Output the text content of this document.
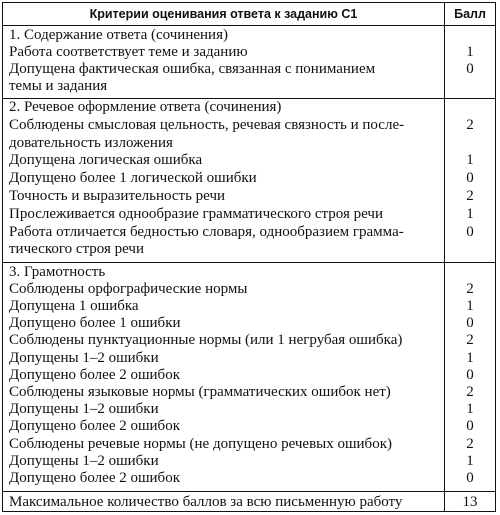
Критерии оценивания ответа к заданию С1	Балл
1. Содержание ответа (сочинения)
Работа соответствует теме и заданию	1
Допущена фактическая ошибка, связанная с пониманием	0
темы и задания
2. Речевое оформление ответа (сочинения)
Соблюдены смысловая цельность, речевая связность и после-	2
довательность изложения
Допущена логическая ошибка	1
Допущено более 1 логической ошибки	0
Точность и выразительность речи	2
Прослеживается однообразие грамматического строя речи	1
Работа отличается бедностью словаря, однообразием грамма-	0
тического строя речи
3. Грамотность
Соблюдены орфографические нормы	2
Допущена 1 ошибка	1
Допущено более 1 ошибки	0
Соблюдены пунктуационные нормы (или 1 негрубая ошибка)	2
Допущены 1–2 ошибки	1
Допущено более 2 ошибок	0
Соблюдены языковые нормы (грамматических ошибок нет)	2
Допущены 1–2 ошибки	1
Допущено более 2 ошибок	0
Соблюдены речевые нормы (не допущено речевых ошибок)	2
Допущены 1–2 ошибки	1
Допущено более 2 ошибок	0
Максимальное количество баллов за всю письменную работу	13
